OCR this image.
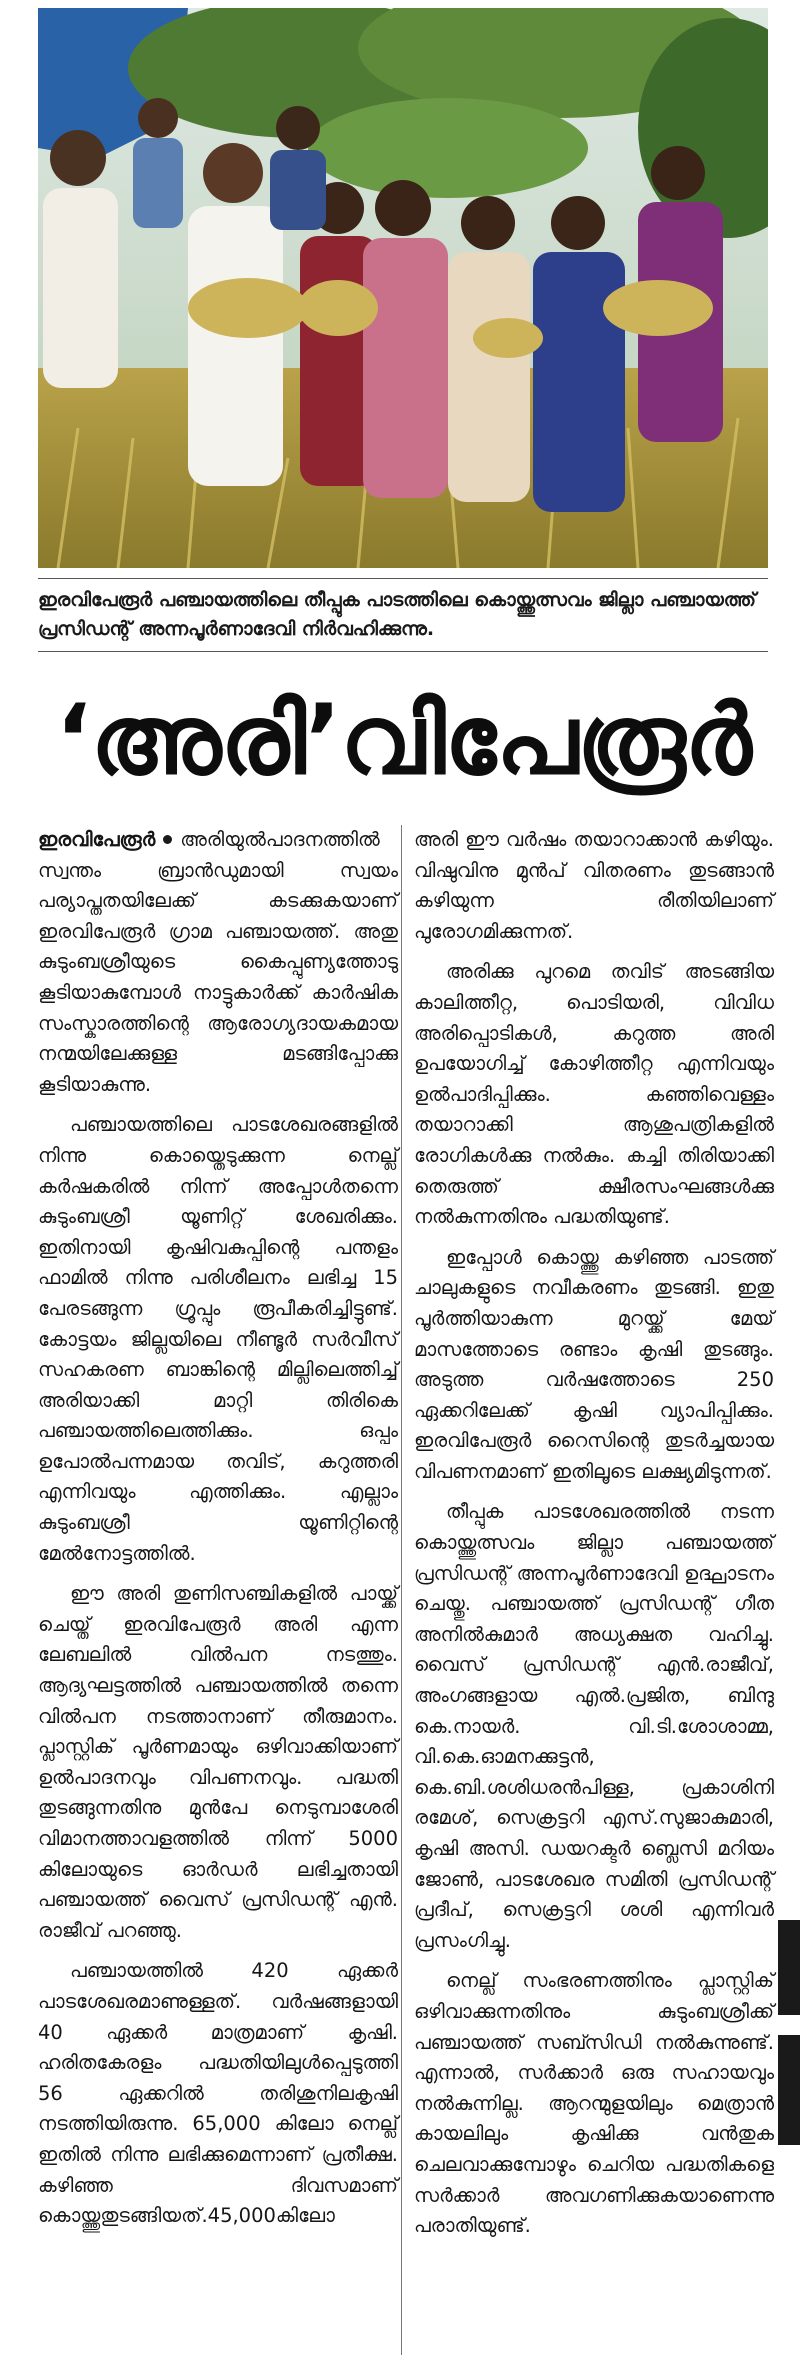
ഇരവിപേരൂർ പഞ്ചായത്തിലെ തീപ്പുക പാടത്തിലെ കൊയ്ത്തുത്സവം ജില്ലാ പഞ്ചായത്ത് പ്രസിഡന്റ് അന്നപൂർണാദേവി നിർവഹിക്കുന്നു.

‘അരി’വിപേരൂർ

ഇരവിപേരൂർ അരിയുൽപാദനത്തിൽ സ്വന്തം ബ്രാൻഡുമായി സ്വയം പര്യാപ്തതയിലേക്ക് കടക്കുകയാണ് ഇരവിപേരൂർ ഗ്രാമ പഞ്ചായത്ത്. അതു കുടുംബശ്രീയുടെ കൈപ്പുണ്യത്തോടു കൂടിയാകുമ്പോൾ നാട്ടുകാർക്ക് കാർഷിക സംസ്കാരത്തിന്റെ ആരോഗ്യദായകമായ നന്മയിലേക്കുള്ള മടങ്ങിപ്പോക്കു കൂടിയാകുന്നു.

പഞ്ചായത്തിലെ പാടശേഖരങ്ങളിൽ നിന്നു കൊയ്തെടുക്കുന്ന നെല്ല് കർഷകരിൽ നിന്ന് അപ്പോൾതന്നെ കുടുംബശ്രീ യൂണിറ്റ് ശേഖരിക്കും. ഇതിനായി കൃഷിവകുപ്പിന്റെ പന്തളം ഫാമിൽ നിന്നു പരിശീലനം ലഭിച്ച 15 പേരടങ്ങുന്ന ഗ്രൂപ്പും രൂപീകരിച്ചിട്ടുണ്ട്. കോട്ടയം ജില്ലയിലെ നീണ്ടൂർ സർവീസ് സഹകരണ ബാങ്കിന്റെ മില്ലിലെത്തിച്ച് അരിയാക്കി മാറ്റി തിരികെ പഞ്ചായത്തിലെത്തിക്കും. ഒപ്പം ഉപോൽപന്നമായ തവിട്, കറുത്തരി എന്നിവയും എത്തിക്കും. എല്ലാം കുടുംബശ്രീ യൂണിറ്റിന്റെ മേൽനോട്ടത്തിൽ.

ഈ അരി തുണിസഞ്ചികളിൽ പായ്ക്ക് ചെയ്ത് ഇരവിപേരൂർ അരി എന്ന ലേബലിൽ വിൽപന നടത്തും. ആദ്യഘട്ടത്തിൽ പഞ്ചായത്തിൽ തന്നെ വിൽപന നടത്താനാണ് തീരുമാനം. പ്ലാസ്റ്റിക് പൂർണമായും ഒഴിവാക്കിയാണ് ഉൽപാദനവും വിപണനവും. പദ്ധതി തുടങ്ങുന്നതിനു മുൻപേ നെടുമ്പാശേരി വിമാനത്താവളത്തിൽ നിന്ന് 5000 കിലോയുടെ ഓർഡർ ലഭിച്ചതായി പഞ്ചായത്ത് വൈസ് പ്രസിഡന്റ് എൻ. രാജീവ് പറഞ്ഞു.

പഞ്ചായത്തിൽ 420 ഏക്കർ പാടശേഖരമാണുള്ളത്. വർഷങ്ങളായി 40 ഏക്കർ മാത്രമാണ് കൃഷി. ഹരിതകേരളം പദ്ധതിയിലുൾപ്പെടുത്തി 56 ഏക്കറിൽ തരിശുനിലകൃഷി നടത്തിയിരുന്നു. 65,000 കിലോ നെല്ല് ഇതിൽ നിന്നു ലഭിക്കുമെന്നാണ് പ്രതീക്ഷ. കഴിഞ്ഞ ദിവസമാണ് കൊയ്ത്തുതുടങ്ങിയത്.45,000കിലോ

അരി ഈ വർഷം തയാറാക്കാൻ കഴിയും. വിഷുവിനു മുൻപ് വിതരണം തുടങ്ങാൻ കഴിയുന്ന രീതിയിലാണ് പുരോഗമിക്കുന്നത്.

അരിക്കു പുറമെ തവിട് അടങ്ങിയ കാലിത്തീറ്റ, പൊടിയരി, വിവിധ അരിപ്പൊടികൾ, കറുത്ത അരി ഉപയോഗിച്ച് കോഴിത്തീറ്റ എന്നിവയും ഉൽപാദിപ്പിക്കും. കഞ്ഞിവെള്ളം തയാറാക്കി ആശുപത്രികളിൽ രോഗികൾക്കു നൽകും. കച്ചി തിരിയാക്കി തെരുത്ത് ക്ഷീരസംഘങ്ങൾക്കു നൽകുന്നതിനും പദ്ധതിയുണ്ട്.

ഇപ്പോൾ കൊയ്ത്തു കഴിഞ്ഞ പാടത്ത് ചാലുകളുടെ നവീകരണം തുടങ്ങി. ഇതു പൂർത്തിയാകുന്ന മുറയ്ക്ക് മേയ് മാസത്തോടെ രണ്ടാം കൃഷി തുടങ്ങും. അടുത്ത വർഷത്തോടെ 250 ഏക്കറിലേക്ക് കൃഷി വ്യാപിപ്പിക്കും. ഇരവിപേരൂർ റൈസിന്റെ തുടർച്ചയായ വിപണനമാണ് ഇതിലൂടെ ലക്ഷ്യമിടുന്നത്.

തീപ്പുക പാടശേഖരത്തിൽ നടന്ന കൊയ്ത്തുത്സവം ജില്ലാ പഞ്ചായത്ത് പ്രസിഡന്റ് അന്നപൂർണാദേവി ഉദ്ഘാടനം ചെയ്തു. പഞ്ചായത്ത് പ്രസിഡന്റ് ഗീത അനിൽകുമാർ അധ്യക്ഷത വഹിച്ചു. വൈസ് പ്രസിഡന്റ് എൻ.രാജീവ്, അംഗങ്ങളായ എൽ.പ്രജിത, ബിന്ദു കെ.നായർ. വി.ടി.ശോശാമ്മ, വി.കെ.ഓമനക്കുട്ടൻ, കെ.ബി.ശശിധരൻപിള്ള, പ്രകാശിനി രമേശ്, സെക്രട്ടറി എസ്.സുജാകുമാരി, കൃഷി അസി. ഡയറക്ടർ ബ്ലെസി മറിയം ജോൺ, പാടശേഖര സമിതി പ്രസിഡന്റ് പ്രദീപ്, സെക്രട്ടറി ശശി എന്നിവർ പ്രസംഗിച്ചു.

നെല്ല് സംഭരണത്തിനും പ്ലാസ്റ്റിക് ഒഴിവാക്കുന്നതിനും കുടുംബശ്രീക്ക് പഞ്ചായത്ത് സബ്സിഡി നൽകുന്നുണ്ട്. എന്നാൽ, സർക്കാർ ഒരു സഹായവും നൽകുന്നില്ല. ആറന്മുളയിലും മെത്രാൻ കായലിലും കൃഷിക്കു വൻതുക ചെലവാക്കുമ്പോഴും ചെറിയ പദ്ധതികളെ സർക്കാർ അവഗണിക്കുകയാണെന്നു പരാതിയുണ്ട്.
